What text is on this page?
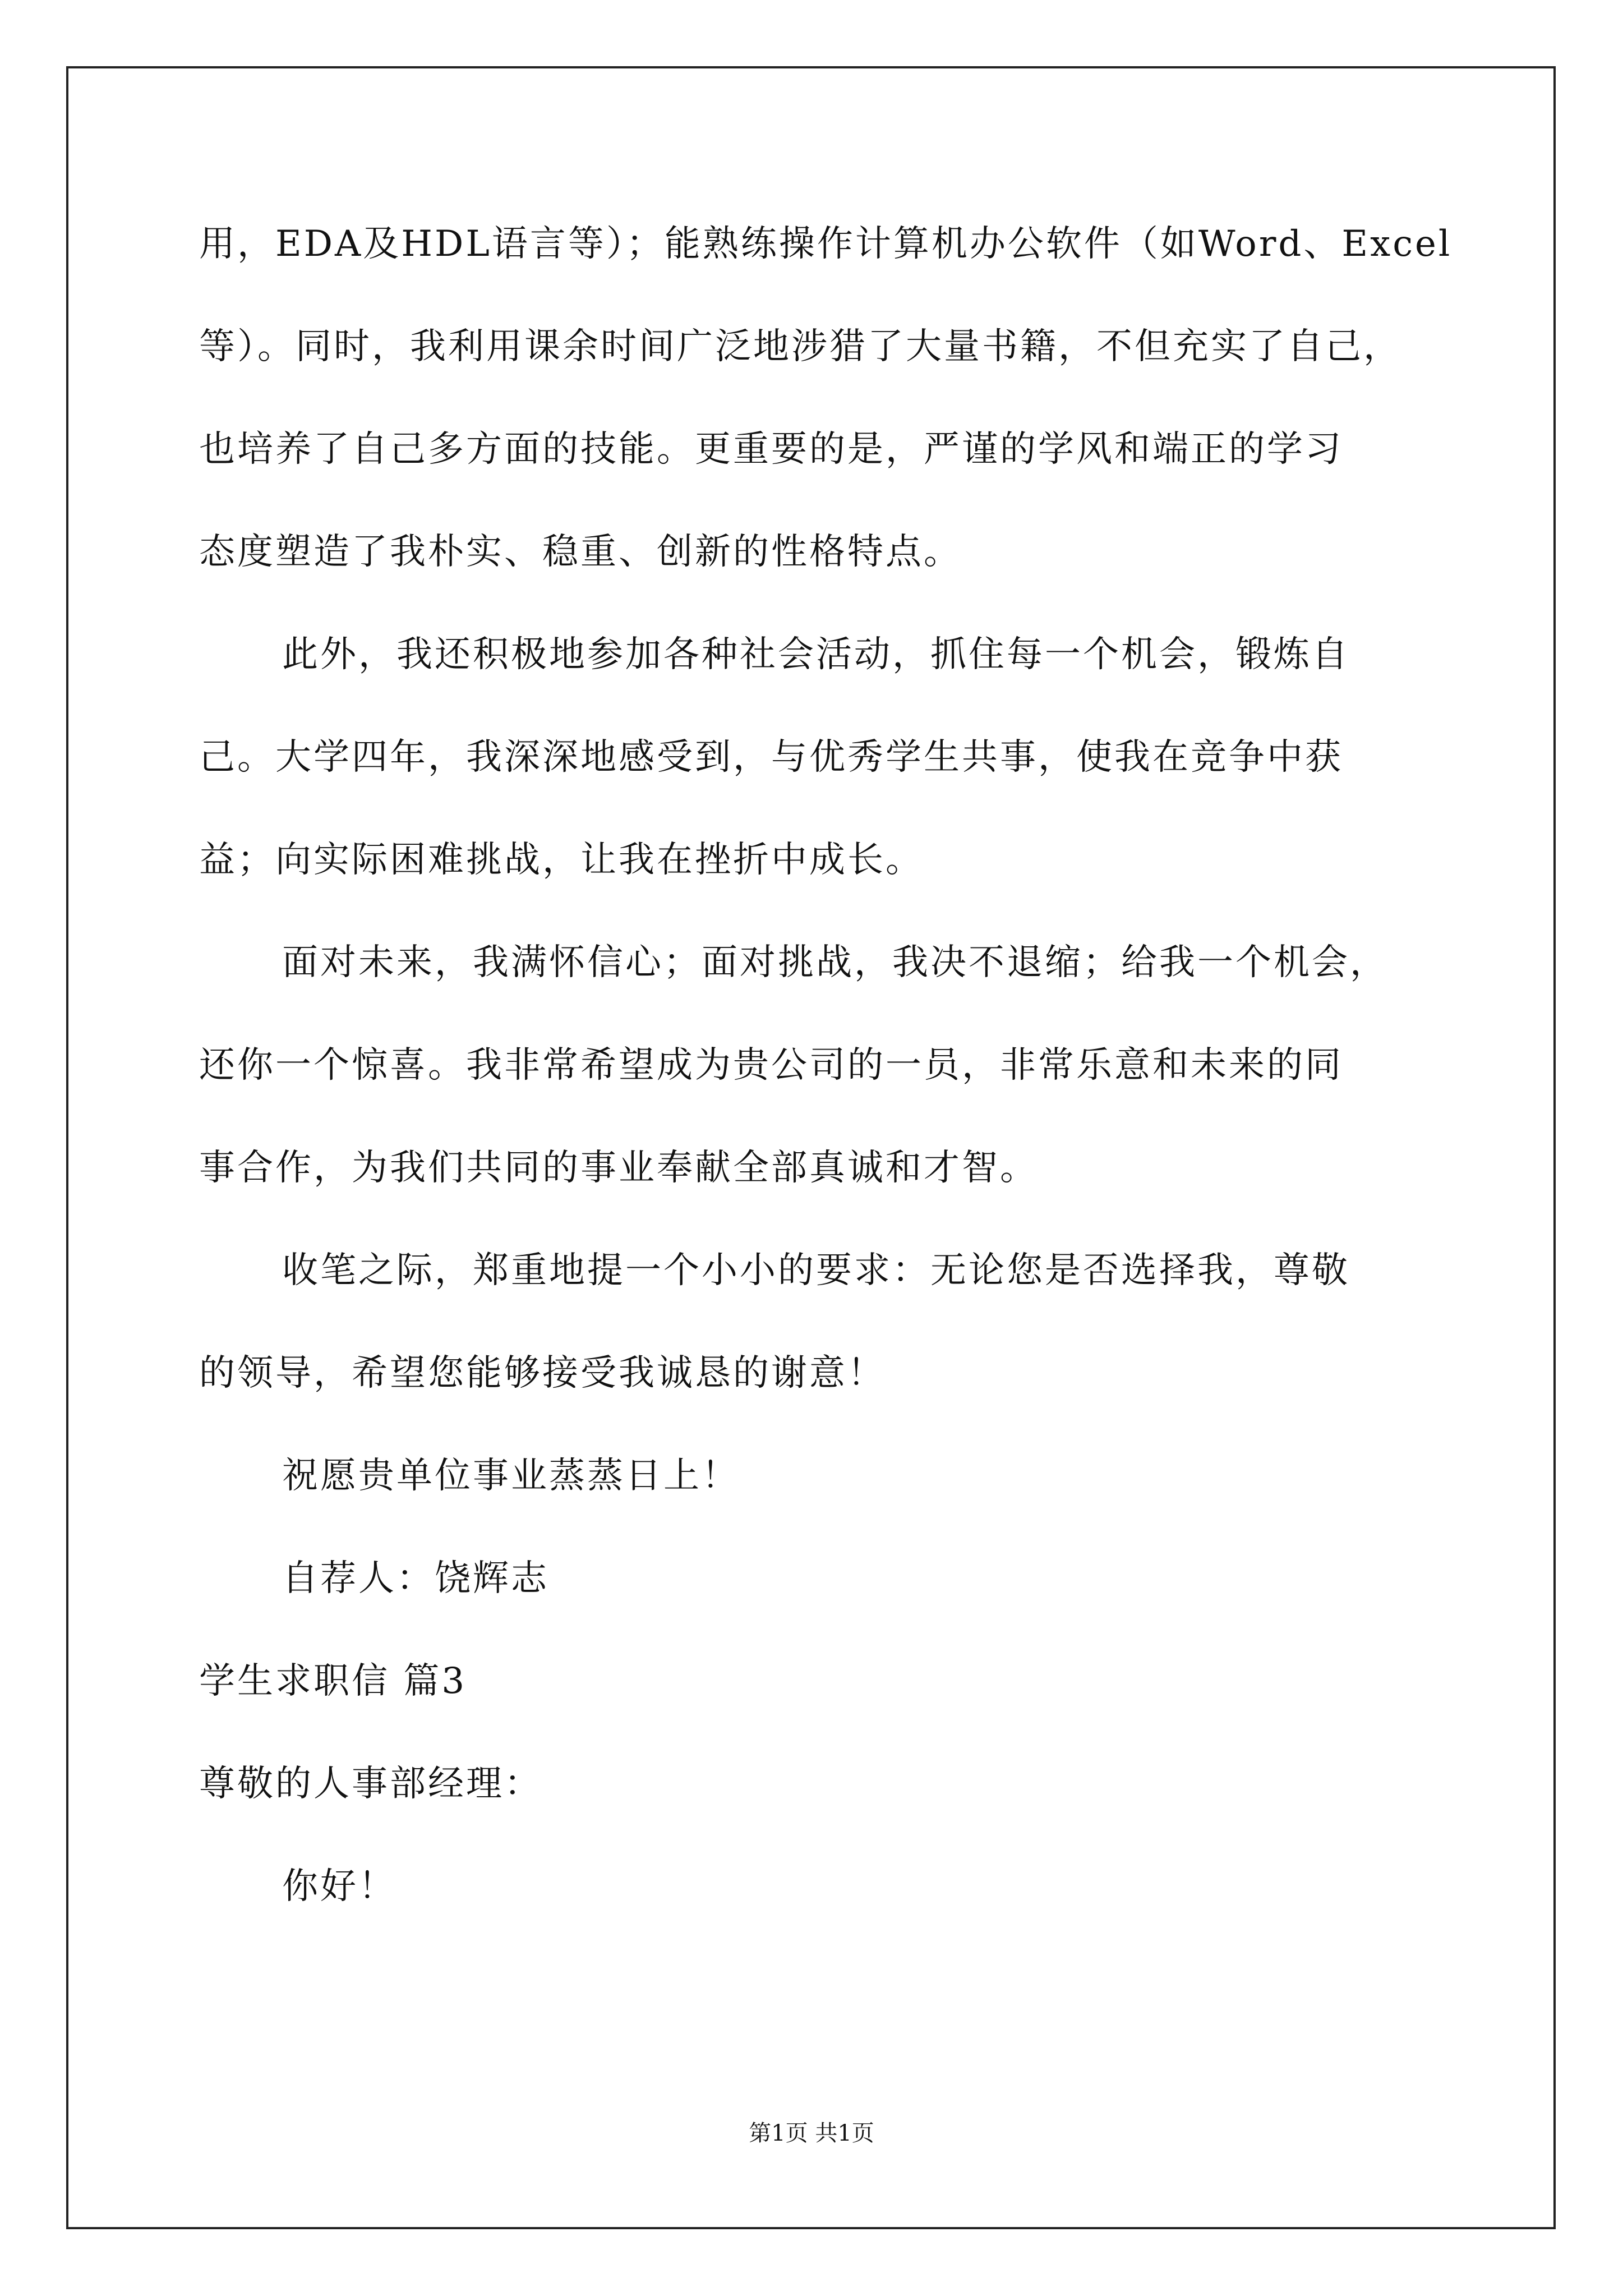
用，EDA及HDL语言等）；能熟练操作计算机办公软件（如Word、Excel
等）。同时，我利用课余时间广泛地涉猎了大量书籍，不但充实了自己，
也培养了自己多方面的技能。更重要的是，严谨的学风和端正的学习
态度塑造了我朴实、稳重、创新的性格特点。
此外，我还积极地参加各种社会活动，抓住每一个机会，锻炼自
己。大学四年，我深深地感受到，与优秀学生共事，使我在竞争中获
益；向实际困难挑战，让我在挫折中成长。
面对未来，我满怀信心；面对挑战，我决不退缩；给我一个机会，
还你一个惊喜。我非常希望成为贵公司的一员，非常乐意和未来的同
事合作，为我们共同的事业奉献全部真诚和才智。
收笔之际，郑重地提一个小小的要求：无论您是否选择我，尊敬
的领导，希望您能够接受我诚恳的谢意！
祝愿贵单位事业蒸蒸日上！
自荐人：饶辉志
学生求职信 篇3
尊敬的人事部经理：
你好！
第1页 共1页
